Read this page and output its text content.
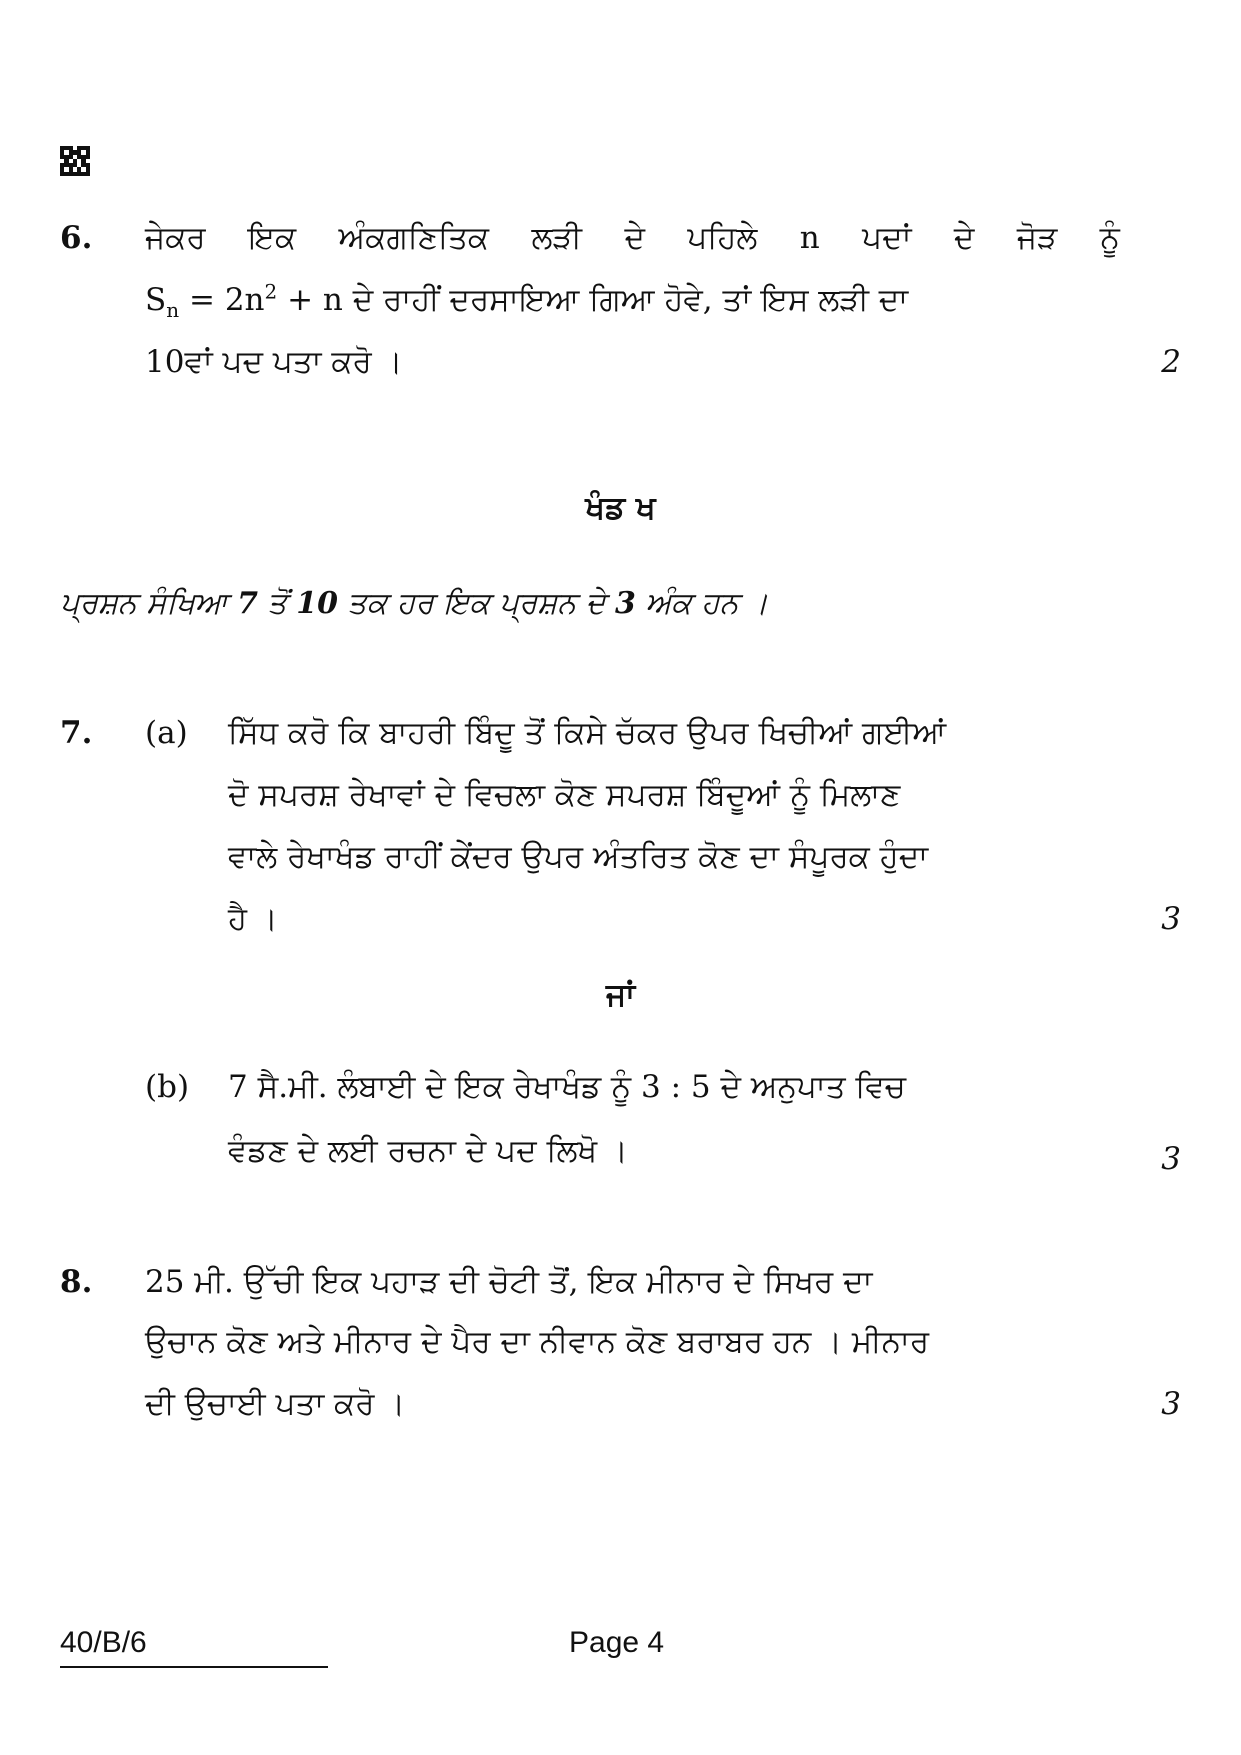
6. ਜੇਕਰ ਇਕ ਅੰਕਗਣਿਤਿਕ ਲੜੀ ਦੇ ਪਹਿਲੇ n ਪਦਾਂ ਦੇ ਜੋੜ ਨੂੰ
$S_n = 2n^2 + n$ ਦੇ ਰਾਹੀਂ ਦਰਸਾਇਆ ਗਿਆ ਹੋਵੇ, ਤਾਂ ਇਸ ਲੜੀ ਦਾ
10ਵਾਂ ਪਦ ਪਤਾ ਕਰੋ ।	2
ਖੰਡ ਖ
ਪ੍ਰਸ਼ਨ ਸੰਖਿਆ 7 ਤੋਂ 10 ਤਕ ਹਰ ਇਕ ਪ੍ਰਸ਼ਨ ਦੇ 3 ਅੰਕ ਹਨ ।
7. (a) ਸਿੱਧ ਕਰੋ ਕਿ ਬਾਹਰੀ ਬਿੰਦੂ ਤੋਂ ਕਿਸੇ ਚੱਕਰ ਉਪਰ ਖਿਚੀਆਂ ਗਈਆਂ
ਦੋ ਸਪਰਸ਼ ਰੇਖਾਵਾਂ ਦੇ ਵਿਚਲਾ ਕੋਣ ਸਪਰਸ਼ ਬਿੰਦੂਆਂ ਨੂੰ ਮਿਲਾਣ
ਵਾਲੇ ਰੇਖਾਖੰਡ ਰਾਹੀਂ ਕੇਂਦਰ ਉਪਰ ਅੰਤਰਿਤ ਕੋਣ ਦਾ ਸੰਪੂਰਕ ਹੁੰਦਾ
ਹੈ ।	3
ਜਾਂ
(b) 7 ਸੈ.ਮੀ. ਲੰਬਾਈ ਦੇ ਇਕ ਰੇਖਾਖੰਡ ਨੂੰ 3 : 5 ਦੇ ਅਨੁਪਾਤ ਵਿਚ
ਵੰਡਣ ਦੇ ਲਈ ਰਚਨਾ ਦੇ ਪਦ ਲਿਖੋ ।	3
8. 25 ਮੀ. ਉੱਚੀ ਇਕ ਪਹਾੜ ਦੀ ਚੋਟੀ ਤੋਂ, ਇਕ ਮੀਨਾਰ ਦੇ ਸਿਖਰ ਦਾ
ਉਚਾਨ ਕੋਣ ਅਤੇ ਮੀਨਾਰ ਦੇ ਪੈਰ ਦਾ ਨੀਵਾਨ ਕੋਣ ਬਰਾਬਰ ਹਨ । ਮੀਨਾਰ
ਦੀ ਉਚਾਈ ਪਤਾ ਕਰੋ ।	3
40/B/6	Page 4
